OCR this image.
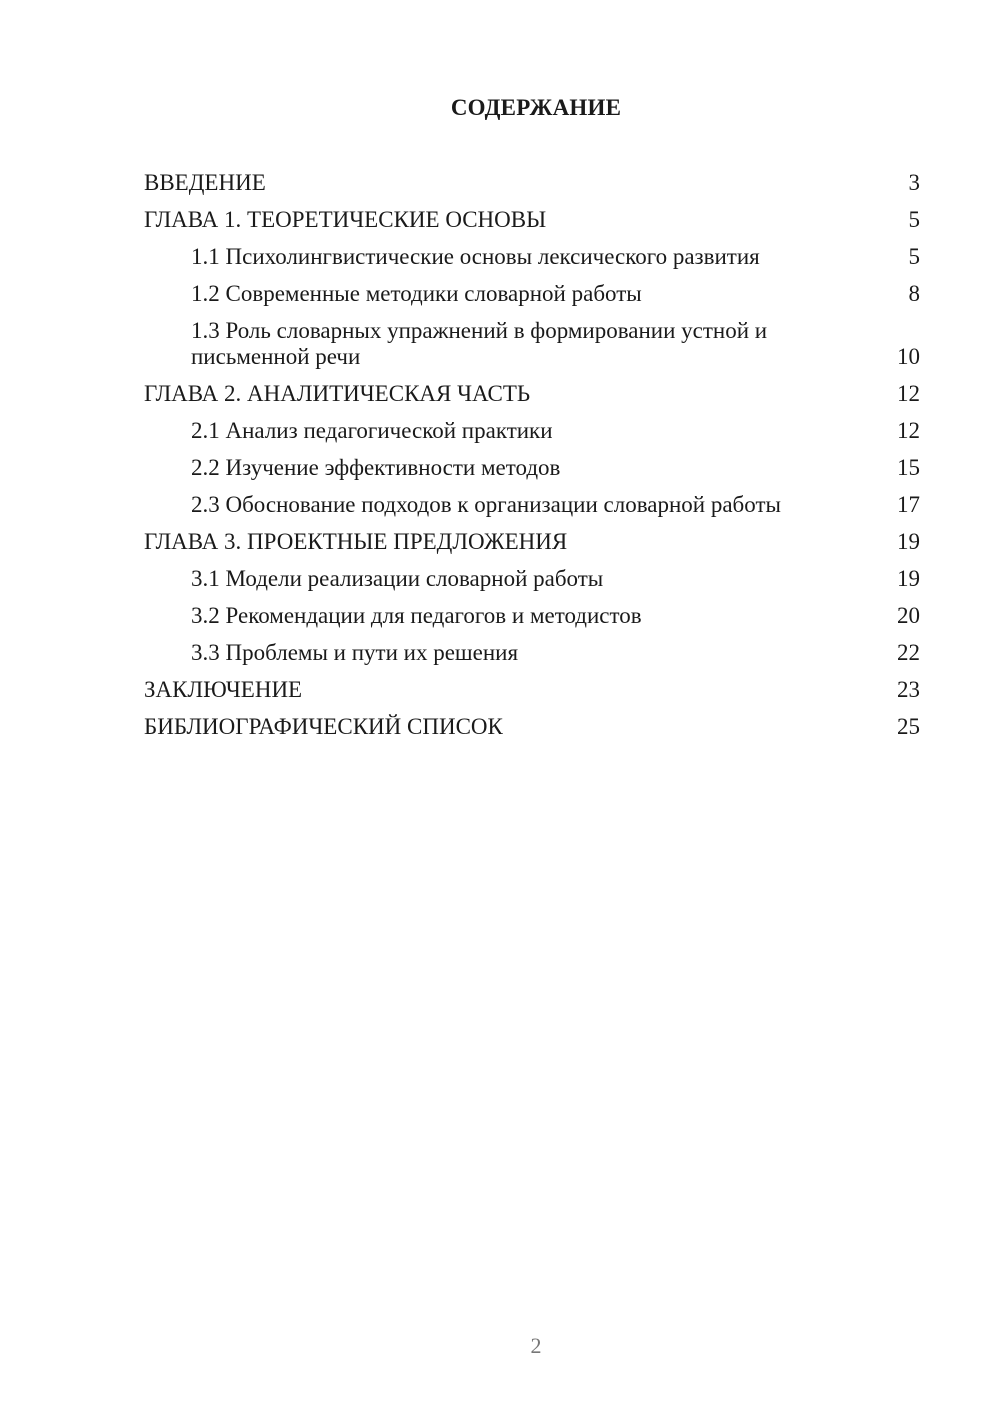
СОДЕРЖАНИЕ
ВВЕДЕНИЕ	3
ГЛАВА 1. ТЕОРЕТИЧЕСКИЕ ОСНОВЫ	5
1.1 Психолингвистические основы лексического развития	5
1.2 Современные методики словарной работы	8
1.3 Роль словарных упражнений в формировании устной и письменной речи	10
ГЛАВА 2. АНАЛИТИЧЕСКАЯ ЧАСТЬ	12
2.1 Анализ педагогической практики	12
2.2 Изучение эффективности методов	15
2.3 Обоснование подходов к организации словарной работы	17
ГЛАВА 3. ПРОЕКТНЫЕ ПРЕДЛОЖЕНИЯ	19
3.1 Модели реализации словарной работы	19
3.2 Рекомендации для педагогов и методистов	20
3.3 Проблемы и пути их решения	22
ЗАКЛЮЧЕНИЕ	23
БИБЛИОГРАФИЧЕСКИЙ СПИСОК	25
2
